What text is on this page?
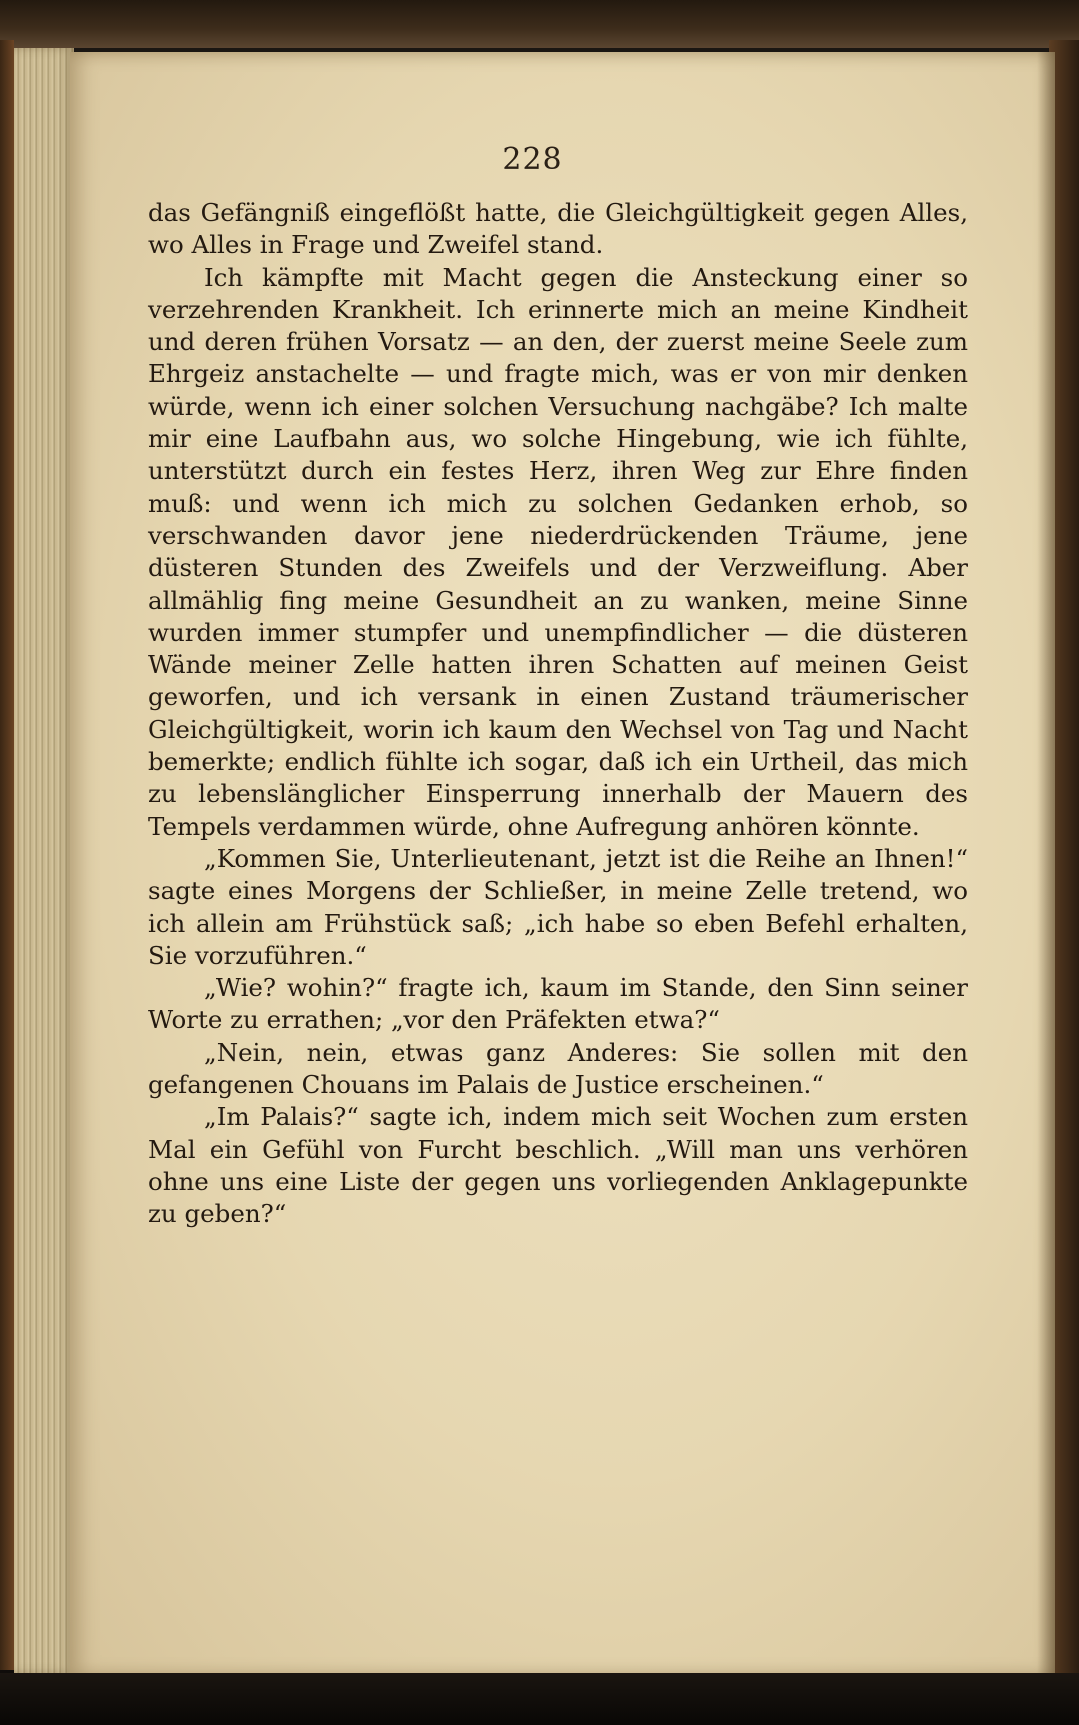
228

das Gefängniß eingeflößt hatte, die Gleichgültigkeit gegen Alles, wo Alles in Frage und Zweifel stand.

Ich kämpfte mit Macht gegen die Ansteckung einer so verzehrenden Krankheit. Ich erinnerte mich an meine Kindheit und deren frühen Vorsatz — an den, der zuerst meine Seele zum Ehrgeiz anstachelte — und fragte mich, was er von mir denken würde, wenn ich einer solchen Versuchung nachgäbe? Ich malte mir eine Laufbahn aus, wo solche Hingebung, wie ich fühlte, unterstützt durch ein festes Herz, ihren Weg zur Ehre finden muß: und wenn ich mich zu solchen Gedanken erhob, so verschwanden davor jene niederdrückenden Träume, jene düsteren Stunden des Zweifels und der Verzweiflung. Aber allmählig fing meine Gesundheit an zu wanken, meine Sinne wurden immer stumpfer und unempfindlicher — die düsteren Wände meiner Zelle hatten ihren Schatten auf meinen Geist geworfen, und ich versank in einen Zustand träumerischer Gleichgültigkeit, worin ich kaum den Wechsel von Tag und Nacht bemerkte; endlich fühlte ich sogar, daß ich ein Urtheil, das mich zu lebenslänglicher Einsperrung innerhalb der Mauern des Tempels verdammen würde, ohne Aufregung anhören könnte.

„Kommen Sie, Unterlieutenant, jetzt ist die Reihe an Ihnen!“ sagte eines Morgens der Schließer, in meine Zelle tretend, wo ich allein am Frühstück saß; „ich habe so eben Befehl erhalten, Sie vorzuführen.“

„Wie? wohin?“ fragte ich, kaum im Stande, den Sinn seiner Worte zu errathen; „vor den Präfekten etwa?“

„Nein, nein, etwas ganz Anderes: Sie sollen mit den gefangenen Chouans im Palais de Justice erscheinen.“

„Im Palais?“ sagte ich, indem mich seit Wochen zum ersten Mal ein Gefühl von Furcht beschlich. „Will man uns verhören ohne uns eine Liste der gegen uns vorliegenden Anklagepunkte zu geben?“
